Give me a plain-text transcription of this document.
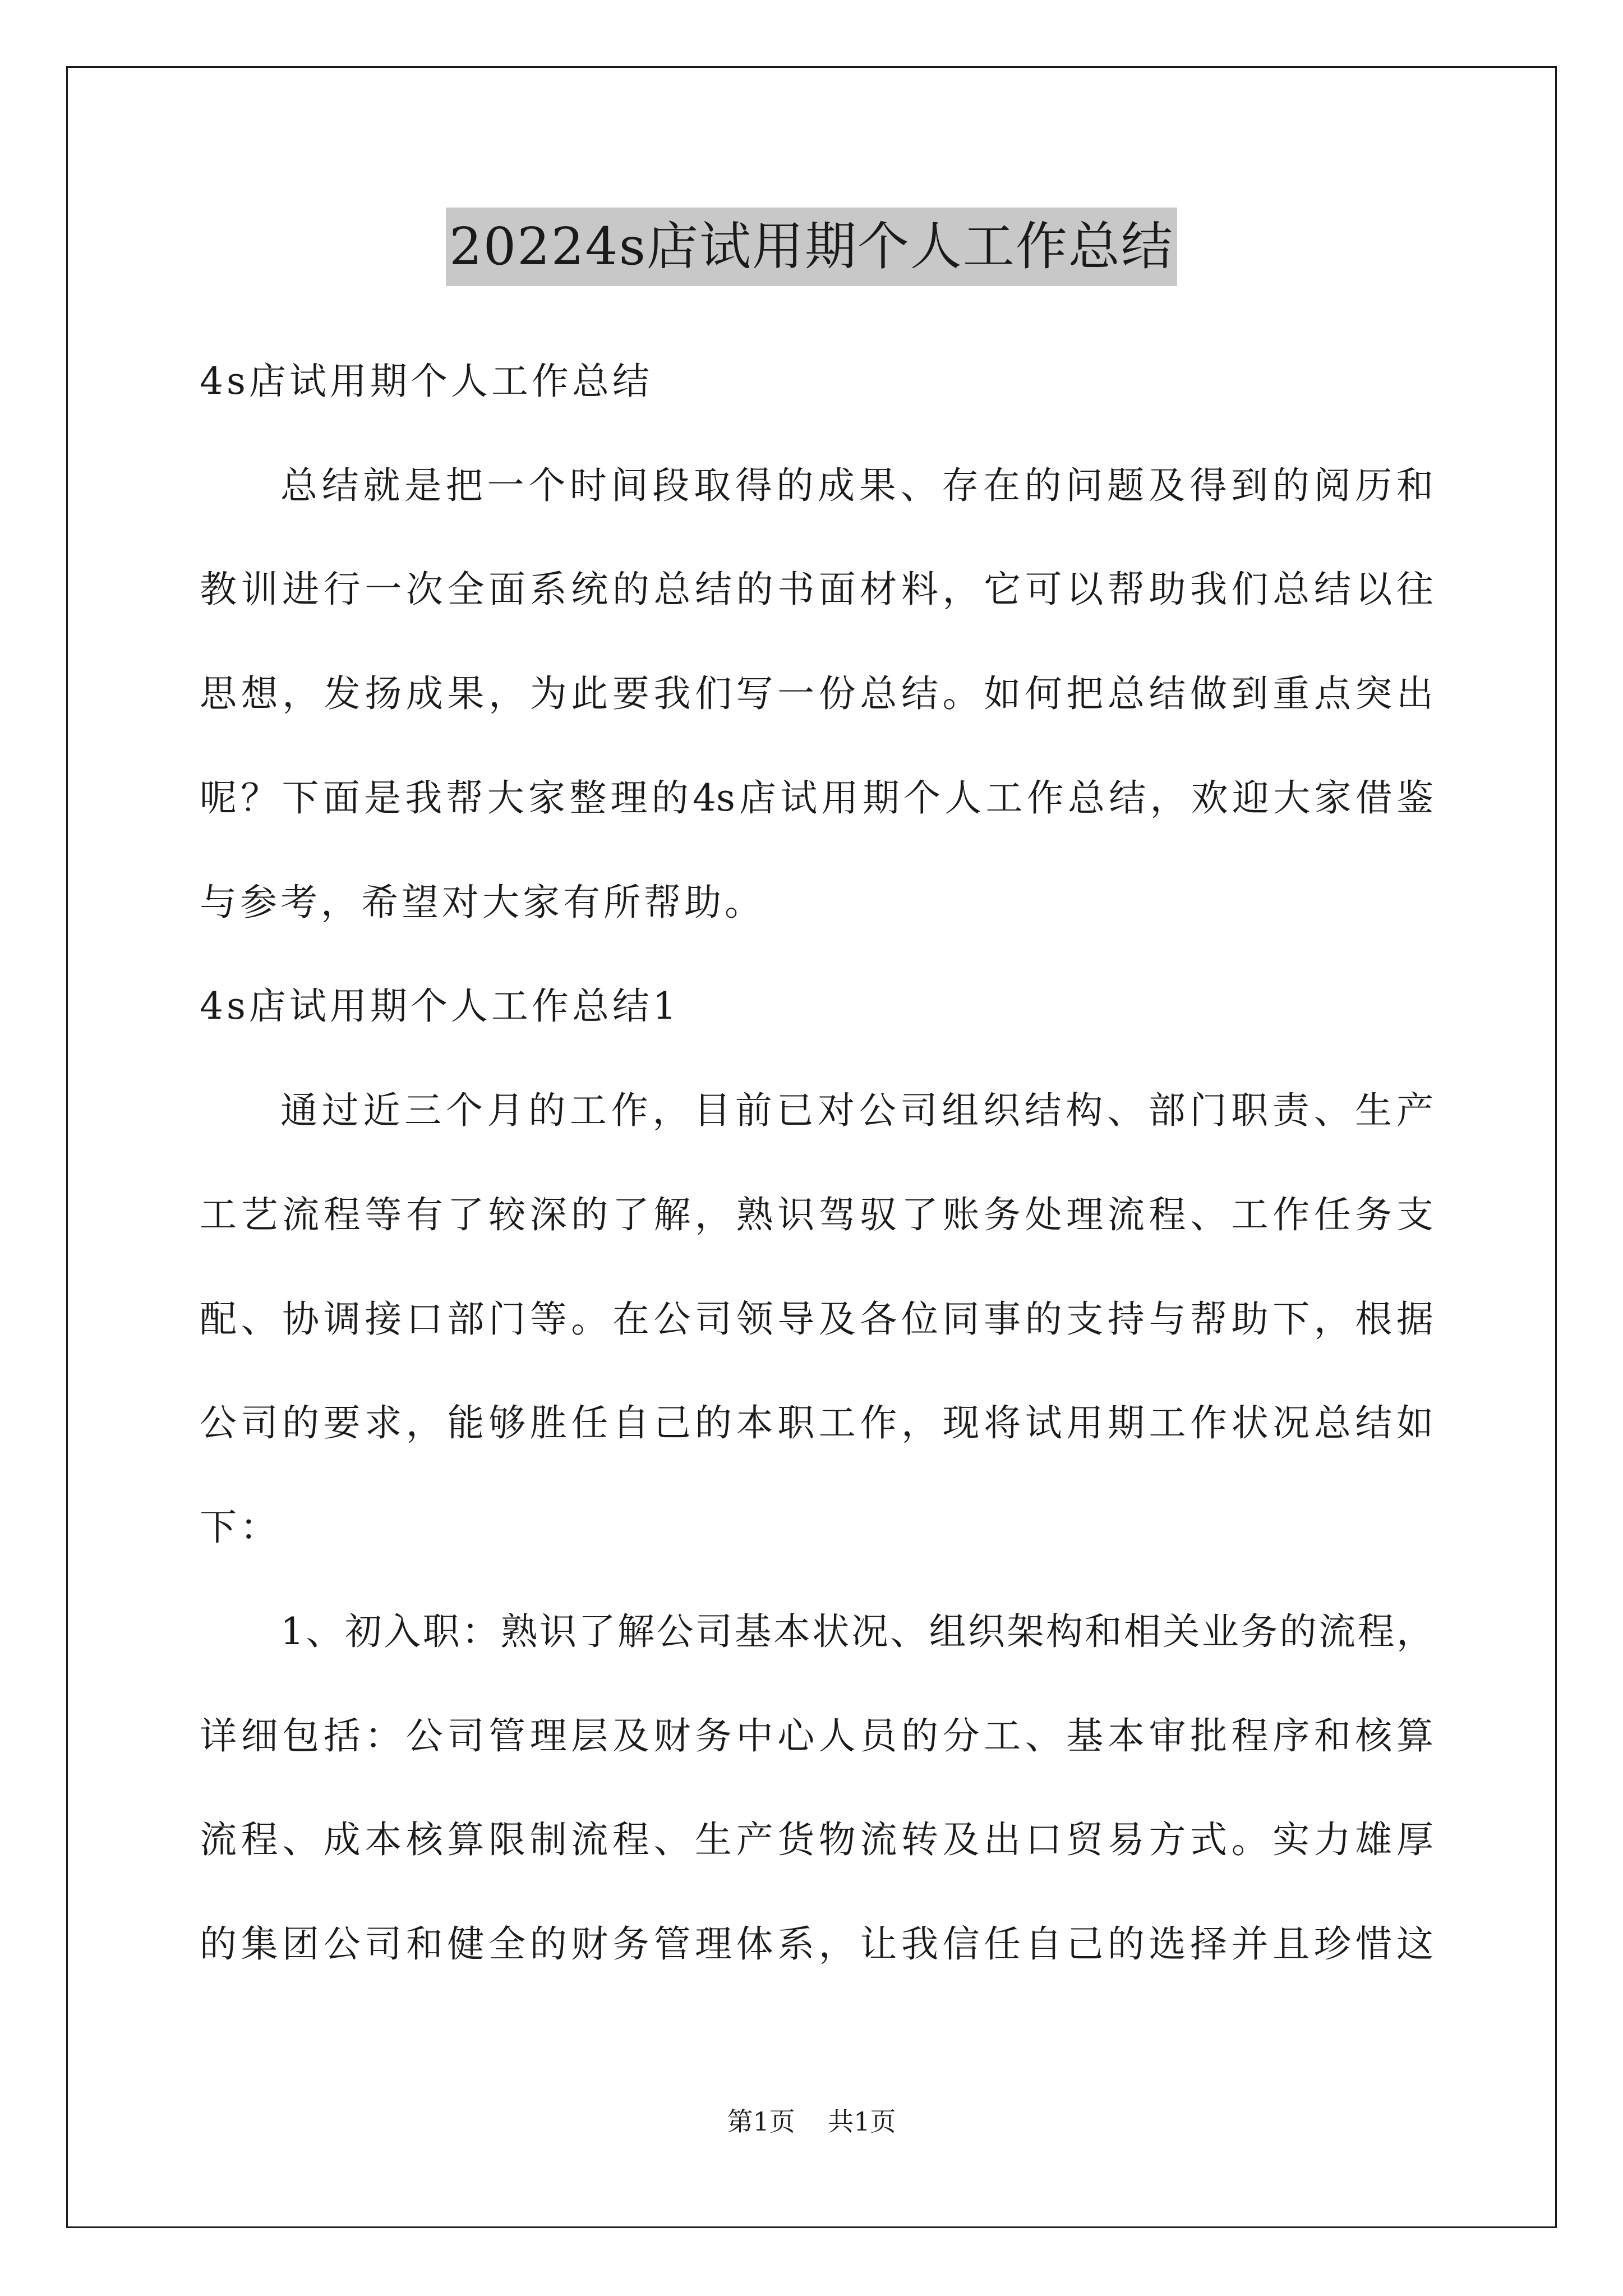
20224s店试用期个人工作总结

4s店试用期个人工作总结

总结就是把一个时间段取得的成果、存在的问题及得到的阅历和

教训进行一次全面系统的总结的书面材料，它可以帮助我们总结以往

思想，发扬成果，为此要我们写一份总结。如何把总结做到重点突出

呢？下面是我帮大家整理的4s店试用期个人工作总结，欢迎大家借鉴

与参考，希望对大家有所帮助。

4s店试用期个人工作总结1

通过近三个月的工作，目前已对公司组织结构、部门职责、生产

工艺流程等有了较深的了解，熟识驾驭了账务处理流程、工作任务支

配、协调接口部门等。在公司领导及各位同事的支持与帮助下，根据

公司的要求，能够胜任自己的本职工作，现将试用期工作状况总结如

下：

1、初入职：熟识了解公司基本状况、组织架构和相关业务的流程，

详细包括：公司管理层及财务中心人员的分工、基本审批程序和核算

流程、成本核算限制流程、生产货物流转及出口贸易方式。实力雄厚

的集团公司和健全的财务管理体系，让我信任自己的选择并且珍惜这

第1页    共1页
